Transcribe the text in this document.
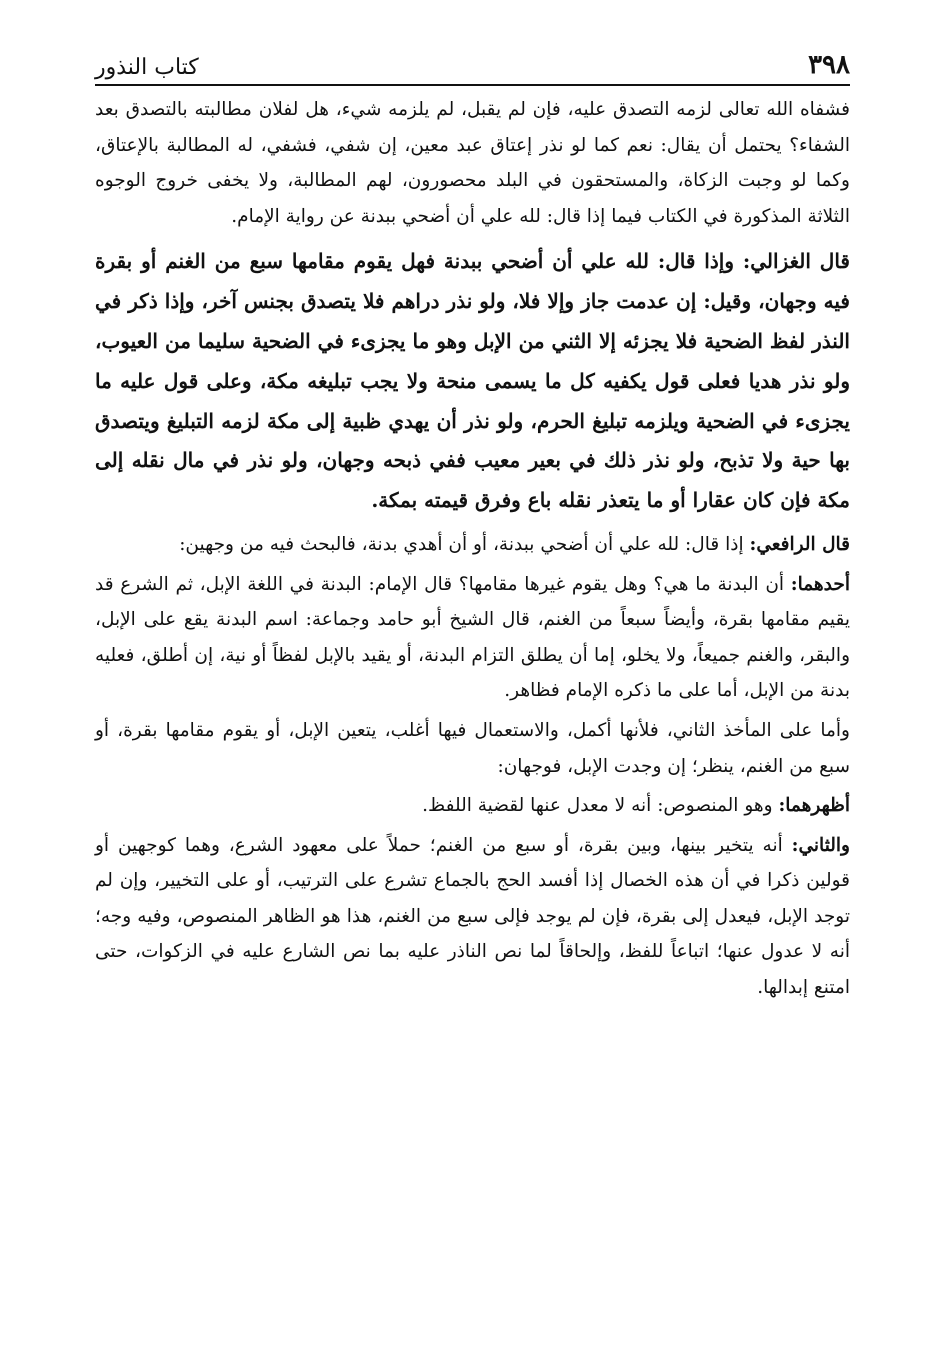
٣٩٨
كتاب النذور

فشفاه الله تعالى لزمه التصدق عليه، فإن لم يقبل، لم يلزمه شيء، هل لفلان مطالبته بالتصدق بعد الشفاء؟ يحتمل أن يقال: نعم كما لو نذر إعتاق عبد معين، إن شفي، فشفي، له المطالبة بالإعتاق، وكما لو وجبت الزكاة، والمستحقون في البلد محصورون، لهم المطالبة، ولا يخفى خروج الوجوه الثلاثة المذكورة في الكتاب فيما إذا قال: لله علي أن أضحي ببدنة عن رواية الإمام.

قال الغزالي: وإذا قال: لله علي أن أضحي ببدنة فهل يقوم مقامها سبع من الغنم أو بقرة فيه وجهان، وقيل: إن عدمت جاز وإلا فلا، ولو نذر دراهم فلا يتصدق بجنس آخر، وإذا ذكر في النذر لفظ الضحية فلا يجزئه إلا الثني من الإبل وهو ما يجزىء في الضحية سليما من العيوب، ولو نذر هديا فعلى قول يكفيه كل ما يسمى منحة ولا يجب تبليغه مكة، وعلى قول عليه ما يجزىء في الضحية ويلزمه تبليغ الحرم، ولو نذر أن يهدي ظبية إلى مكة لزمه التبليغ ويتصدق بها حية ولا تذبح، ولو نذر ذلك في بعير معيب ففي ذبحه وجهان، ولو نذر في مال نقله إلى مكة فإن كان عقارا أو ما يتعذر نقله باع وفرق قيمته بمكة.

قال الرافعي: إذا قال: لله علي أن أضحي ببدنة، أو أن أهدي بدنة، فالبحث فيه من وجهين:

أحدهما: أن البدنة ما هي؟ وهل يقوم غيرها مقامها؟ قال الإمام: البدنة في اللغة الإبل، ثم الشرع قد يقيم مقامها بقرة، وأيضاً سبعاً من الغنم، قال الشيخ أبو حامد وجماعة: اسم البدنة يقع على الإبل، والبقر، والغنم جميعاً، ولا يخلو، إما أن يطلق التزام البدنة، أو يقيد بالإبل لفظاً أو نية، إن أطلق، فعليه بدنة من الإبل، أما على ما ذكره الإمام فظاهر.

وأما على المأخذ الثاني، فلأنها أكمل، والاستعمال فيها أغلب، يتعين الإبل، أو يقوم مقامها بقرة، أو سبع من الغنم، ينظر؛ إن وجدت الإبل، فوجهان:

أظهرهما: وهو المنصوص: أنه لا معدل عنها لقضية اللفظ.

والثاني: أنه يتخير بينها، وبين بقرة، أو سبع من الغنم؛ حملاً على معهود الشرع، وهما كوجهين أو قولين ذكرا في أن هذه الخصال إذا أفسد الحج بالجماع تشرع على الترتيب، أو على التخيير، وإن لم توجد الإبل، فيعدل إلى بقرة، فإن لم يوجد فإلى سبع من الغنم، هذا هو الظاهر المنصوص، وفيه وجه؛ أنه لا عدول عنها؛ اتباعاً للفظ، وإلحاقاً لما نص الناذر عليه بما نص الشارع عليه في الزكوات، حتى امتنع إبدالها.
